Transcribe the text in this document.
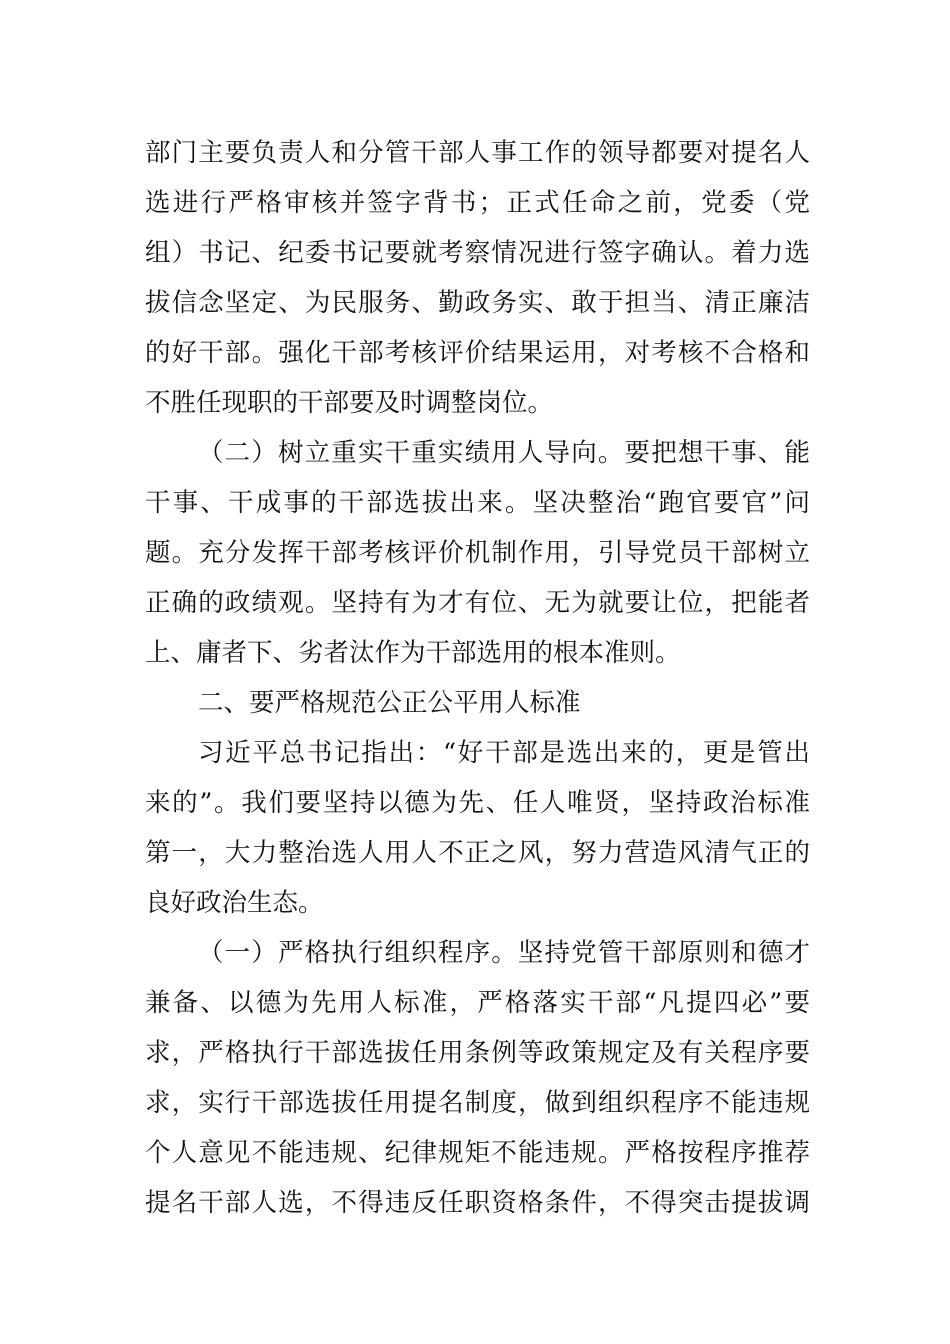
部门主要负责人和分管干部人事工作的领导都要对提名人
选进行严格审核并签字背书；正式任命之前，党委（党
组）书记、纪委书记要就考察情况进行签字确认。着力选
拔信念坚定、为民服务、勤政务实、敢于担当、清正廉洁
的好干部。强化干部考核评价结果运用，对考核不合格和
不胜任现职的干部要及时调整岗位。
（二）树立重实干重实绩用人导向。要把想干事、能
干事、干成事的干部选拔出来。坚决整治“跑官要官”问
题。充分发挥干部考核评价机制作用，引导党员干部树立
正确的政绩观。坚持有为才有位、无为就要让位，把能者
上、庸者下、劣者汰作为干部选用的根本准则。
二、要严格规范公正公平用人标准
习近平总书记指出：“好干部是选出来的，更是管出
来的”。我们要坚持以德为先、任人唯贤，坚持政治标准
第一，大力整治选人用人不正之风，努力营造风清气正的
良好政治生态。
（一）严格执行组织程序。坚持党管干部原则和德才
兼备、以德为先用人标准，严格落实干部“凡提四必”要
求，严格执行干部选拔任用条例等政策规定及有关程序要
求，实行干部选拔任用提名制度，做到组织程序不能违规
个人意见不能违规、纪律规矩不能违规。严格按程序推荐
提名干部人选，不得违反任职资格条件，不得突击提拔调
